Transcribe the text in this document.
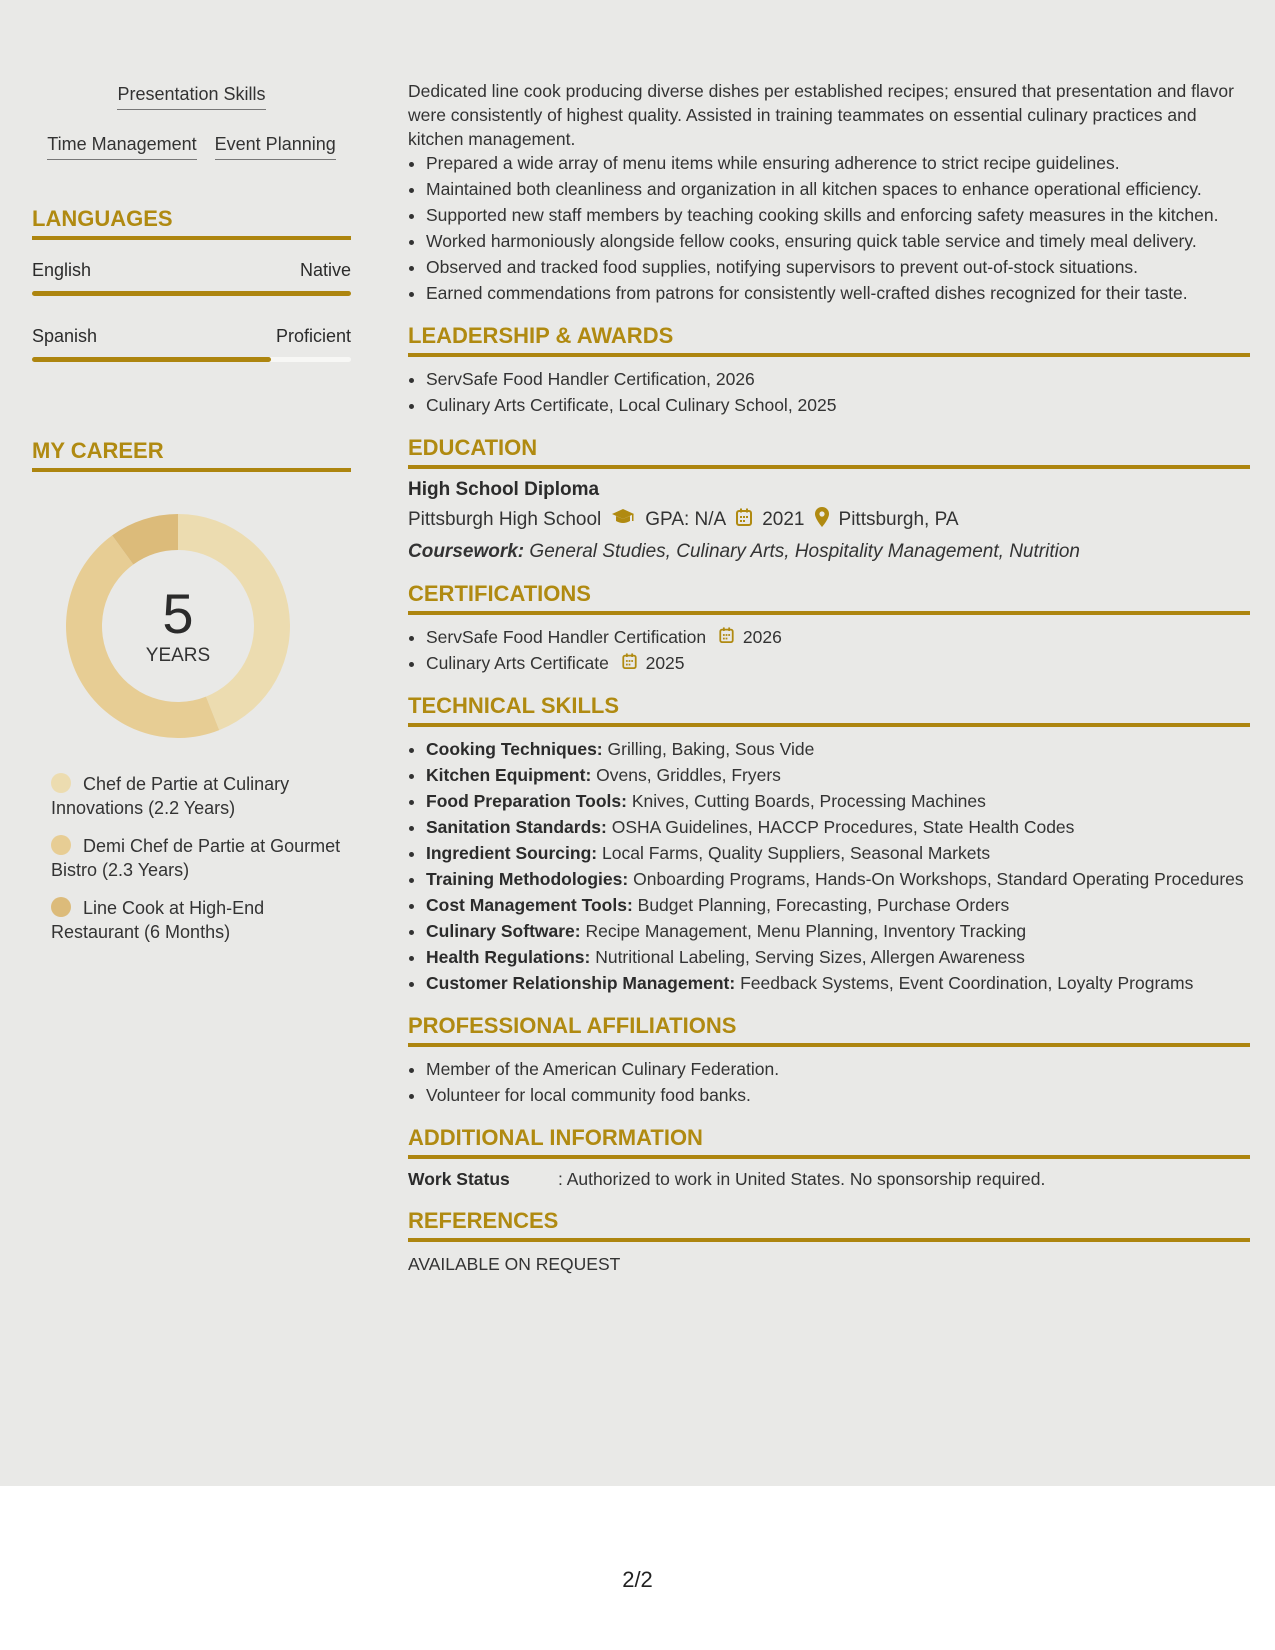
Presentation Skills
Time Management Event Planning
LANGUAGES
English	Native
Spanish	Proficient
MY CAREER
5
YEARS
Chef de Partie at Culinary Innovations (2.2 Years)
Demi Chef de Partie at Gourmet Bistro (2.3 Years)
Line Cook at High-End Restaurant (6 Months)

Dedicated line cook producing diverse dishes per established recipes; ensured that presentation and flavor were consistently of highest quality. Assisted in training teammates on essential culinary practices and kitchen management.

• Prepared a wide array of menu items while ensuring adherence to strict recipe guidelines.
• Maintained both cleanliness and organization in all kitchen spaces to enhance operational efficiency.
• Supported new staff members by teaching cooking skills and enforcing safety measures in the kitchen.
• Worked harmoniously alongside fellow cooks, ensuring quick table service and timely meal delivery.
• Observed and tracked food supplies, notifying supervisors to prevent out-of-stock situations.
• Earned commendations from patrons for consistently well-crafted dishes recognized for their taste.
LEADERSHIP & AWARDS
• ServSafe Food Handler Certification, 2026
• Culinary Arts Certificate, Local Culinary School, 2025
EDUCATION
High School Diploma
Pittsburgh High School GPA: N/A 2021 Pittsburgh, PA
Coursework: General Studies, Culinary Arts, Hospitality Management, Nutrition
CERTIFICATIONS
• ServSafe Food Handler Certification 2026
• Culinary Arts Certificate 2025
TECHNICAL SKILLS
• Cooking Techniques: Grilling, Baking, Sous Vide
• Kitchen Equipment: Ovens, Griddles, Fryers
• Food Preparation Tools: Knives, Cutting Boards, Processing Machines
• Sanitation Standards: OSHA Guidelines, HACCP Procedures, State Health Codes
• Ingredient Sourcing: Local Farms, Quality Suppliers, Seasonal Markets
• Training Methodologies: Onboarding Programs, Hands-On Workshops, Standard Operating Procedures
• Cost Management Tools: Budget Planning, Forecasting, Purchase Orders
• Culinary Software: Recipe Management, Menu Planning, Inventory Tracking
• Health Regulations: Nutritional Labeling, Serving Sizes, Allergen Awareness
• Customer Relationship Management: Feedback Systems, Event Coordination, Loyalty Programs
PROFESSIONAL AFFILIATIONS
• Member of the American Culinary Federation.
• Volunteer for local community food banks.
ADDITIONAL INFORMATION
Work Status	: Authorized to work in United States. No sponsorship required.
REFERENCES
AVAILABLE ON REQUEST
2/2
